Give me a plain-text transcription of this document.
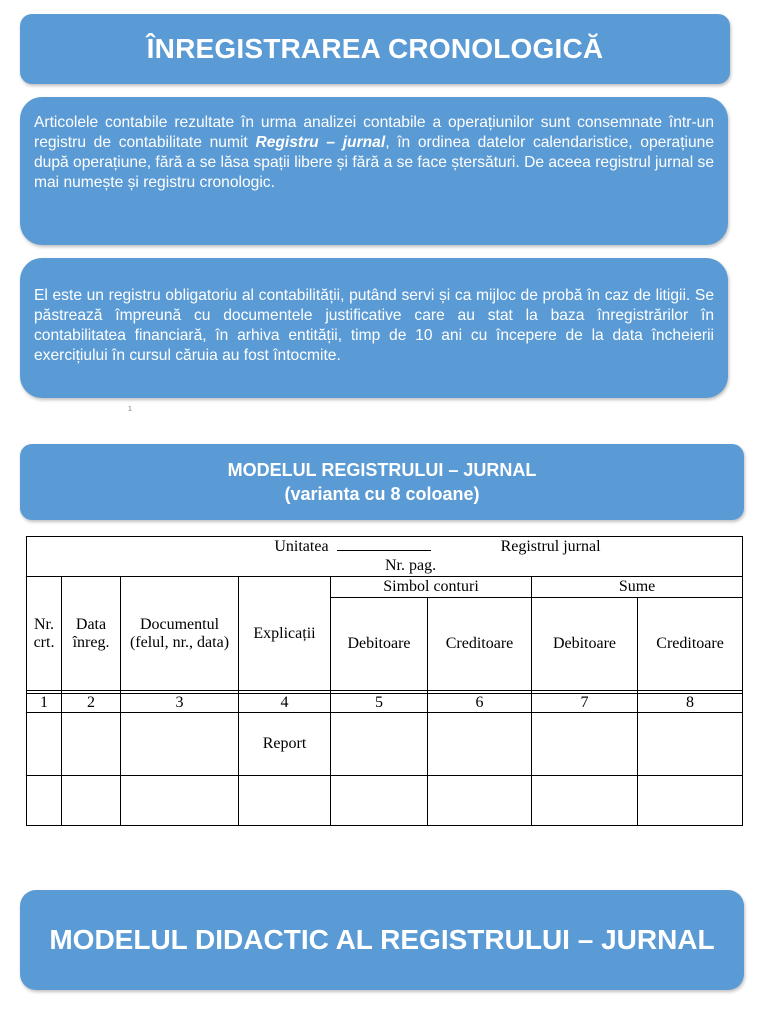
ÎNREGISTRAREA CRONOLOGICĂ
Articolele contabile rezultate în urma analizei contabile a operațiunilor sunt consemnate într-un registru de contabilitate numit Registru – jurnal, în ordinea datelor calendaristice, operațiune după operațiune, fără a se lăsa spații libere și fără a se face ștersături. De aceea registrul jurnal se mai numește și registru cronologic.
El este un registru obligatoriu al contabilității, putând servi și ca mijloc de probă în caz de litigii. Se păstrează împreună cu documentele justificative care au stat la baza înregistrărilor în contabilitatea financiară, în arhiva entității, timp de 10 ani cu începere de la data încheierii exercițiului în cursul căruia au fost întocmite.
1
MODELUL REGISTRULUI – JURNAL
(varianta cu 8 coloane)
Unitatea Registrul jurnal							
Nr. pag.							
Nr. crt.	Data înreg.	Documentul (felul, nr., data)	Explicații	Simbol conturi		Sume	
				Debitoare	Creditoare	Debitoare	Creditoare

1	2	3	4	5	6	7	8
			Report				

MODELUL DIDACTIC AL REGISTRULUI – JURNAL
